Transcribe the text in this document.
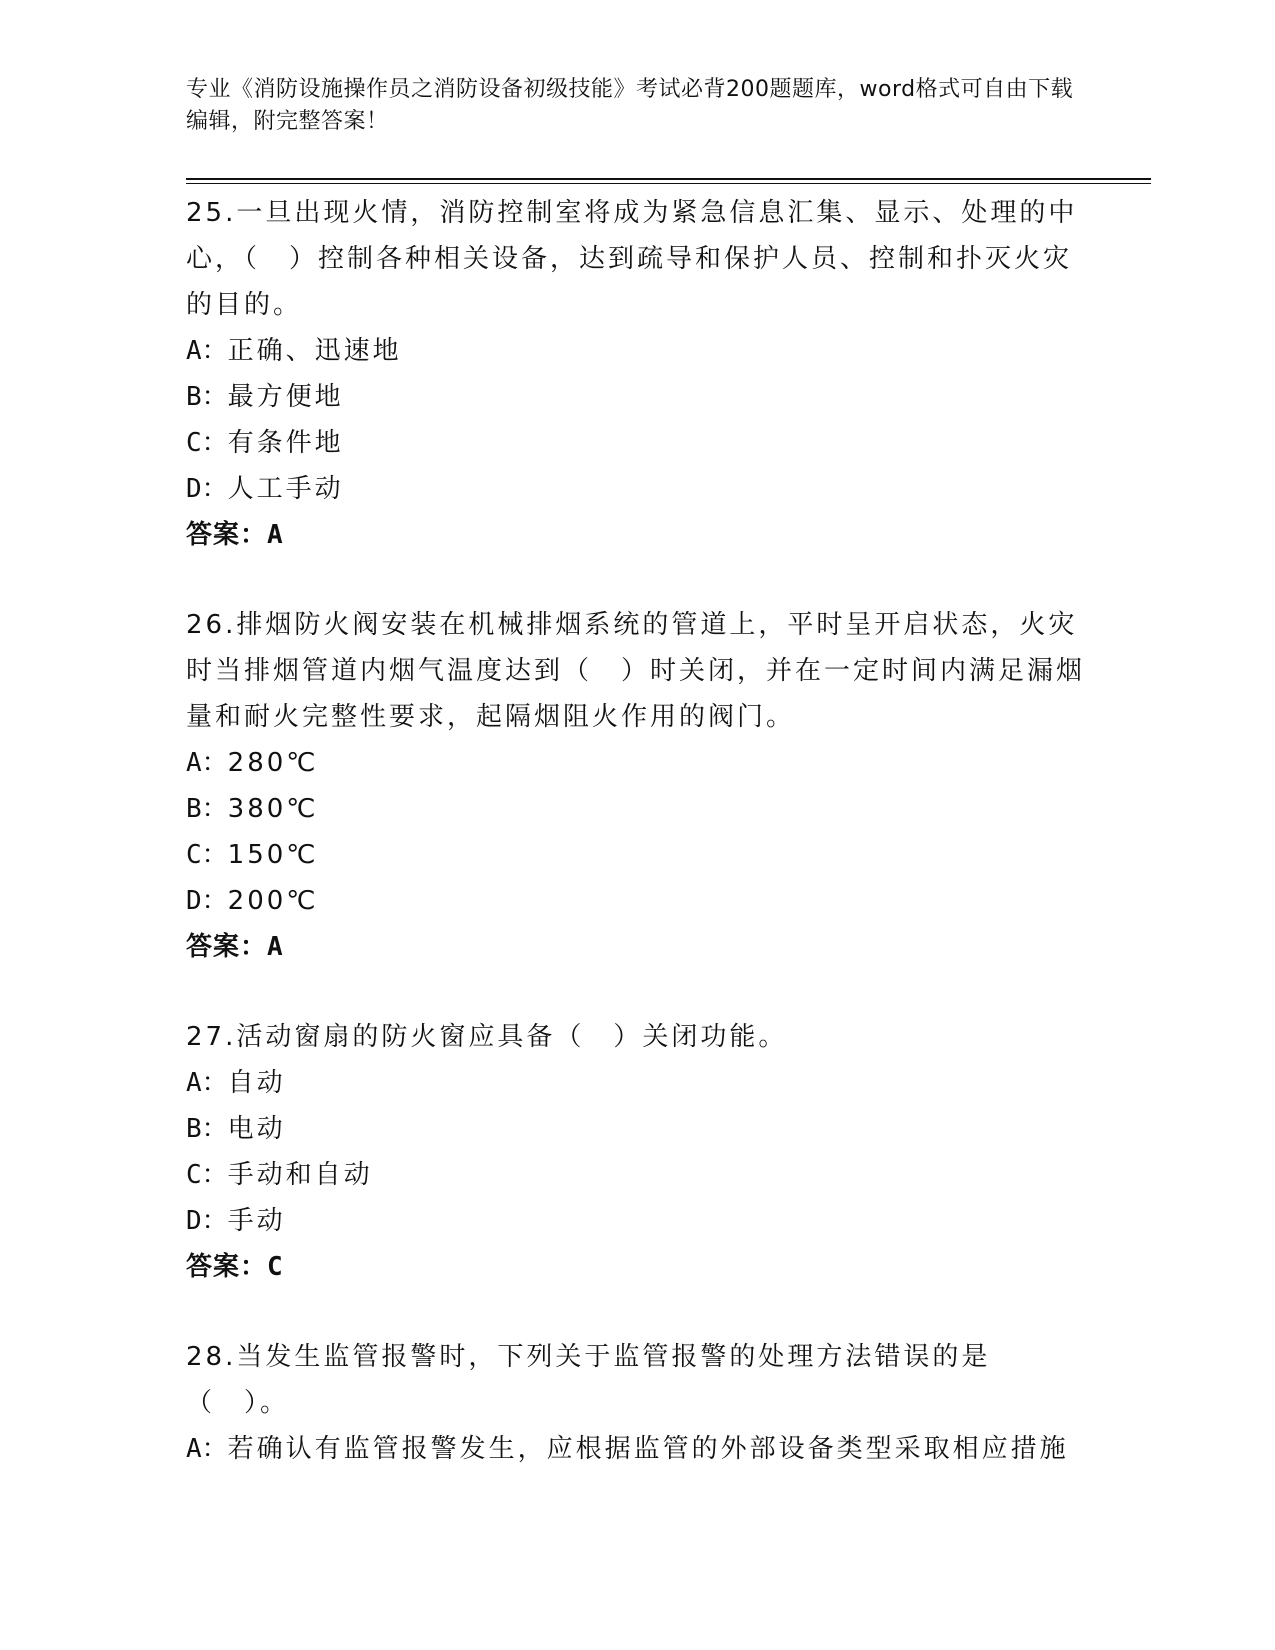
专业《消防设施操作员之消防设备初级技能》考试必背200题题库，word格式可自由下载编辑，附完整答案！

25.一旦出现火情，消防控制室将成为紧急信息汇集、显示、处理的中心，（　）控制各种相关设备，达到疏导和保护人员、控制和扑灭火灾的目的。

A：正确、迅速地

B：最方便地

C：有条件地

D：人工手动

答案：A

26.排烟防火阀安装在机械排烟系统的管道上，平时呈开启状态，火灾时当排烟管道内烟气温度达到（　）时关闭，并在一定时间内满足漏烟量和耐火完整性要求，起隔烟阻火作用的阀门。

A：280℃

B：380℃

C：150℃

D：200℃

答案：A

27.活动窗扇的防火窗应具备（　）关闭功能。

A：自动

B：电动

C：手动和自动

D：手动

答案：C

28.当发生监管报警时，下列关于监管报警的处理方法错误的是（　）。

A：若确认有监管报警发生，应根据监管的外部设备类型采取相应措施
